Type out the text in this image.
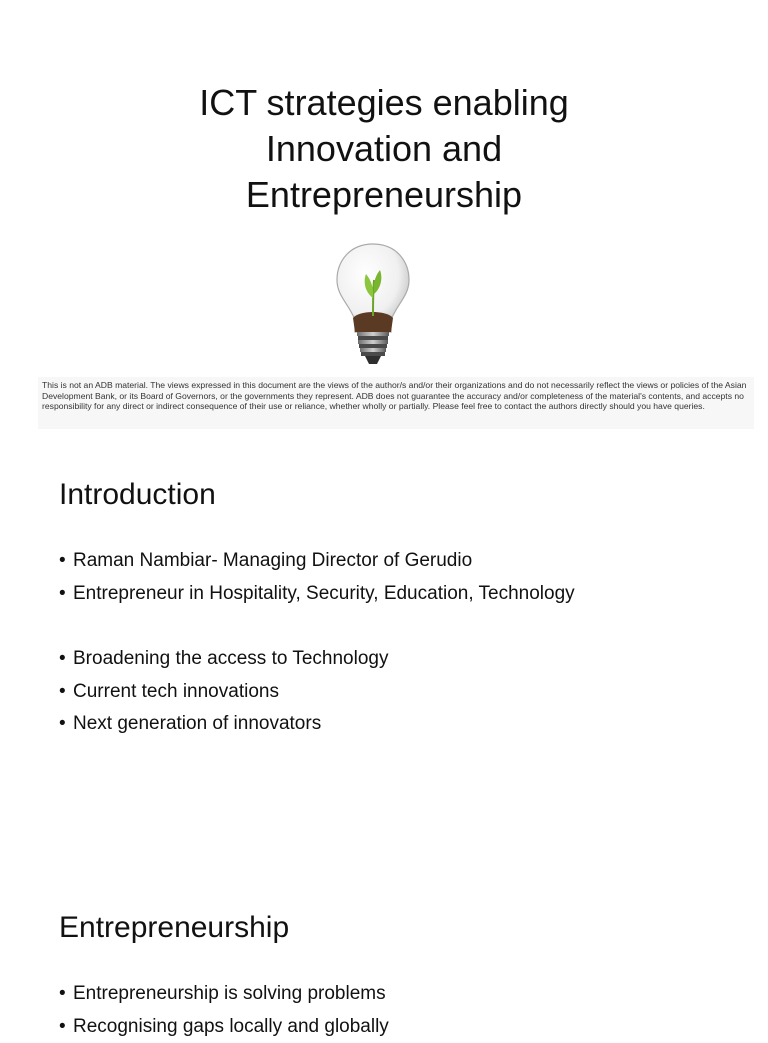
ICT strategies enabling
Innovation and
Entrepreneurship
This is not an ADB material. The views expressed in this document are the views of the author/s and/or their organizations and do not necessarily reflect the views or policies of the Asian Development Bank, or its Board of Governors, or the governments they represent. ADB does not guarantee the accuracy and/or completeness of the material's contents, and accepts no responsibility for any direct or indirect consequence of their use or reliance, whether wholly or partially. Please feel free to contact the authors directly should you have queries.
Introduction
• Raman Nambiar- Managing Director of Gerudio
• Entrepreneur in Hospitality, Security, Education, Technology
• Broadening the access to Technology
• Current tech innovations
• Next generation of innovators
Entrepreneurship
• Entrepreneurship is solving problems
• Recognising gaps locally and globally
